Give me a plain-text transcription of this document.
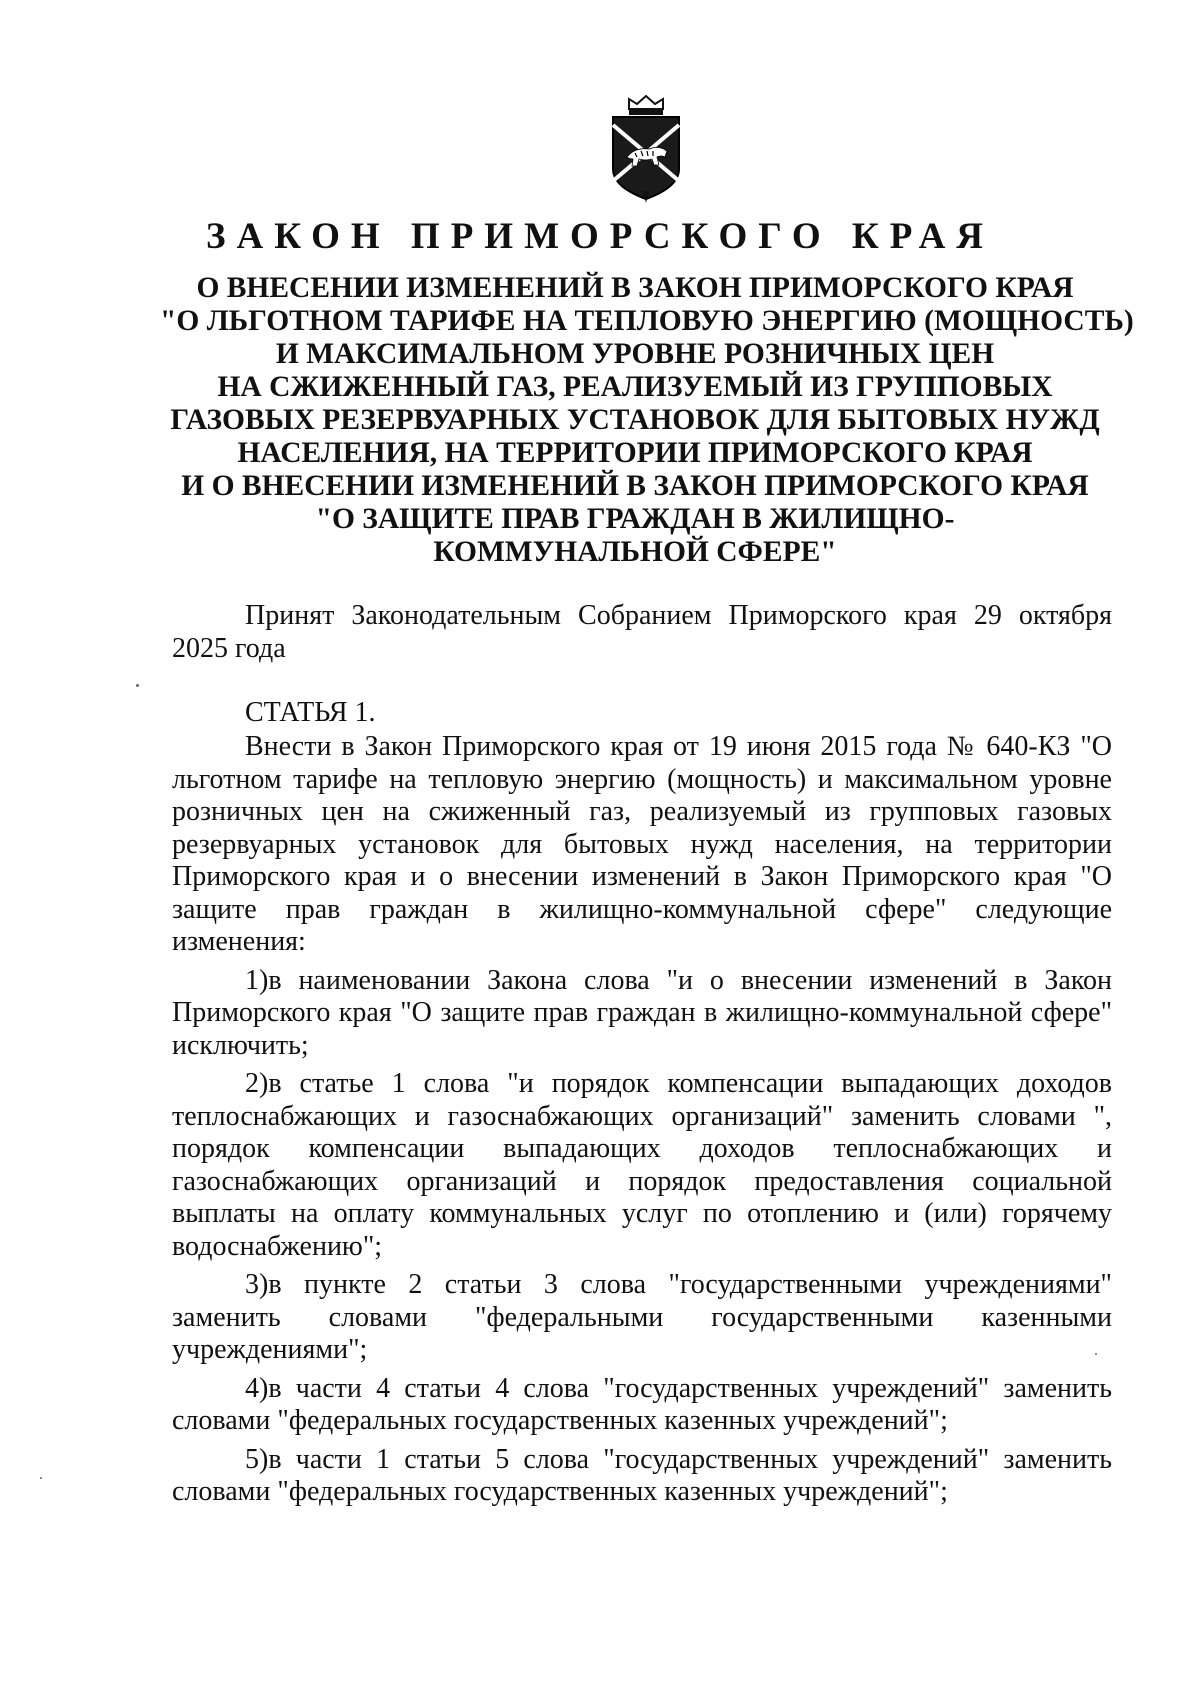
ЗАКОН ПРИМОРСКОГО КРАЯ
О ВНЕСЕНИИ ИЗМЕНЕНИЙ В ЗАКОН ПРИМОРСКОГО КРАЯ
"О ЛЬГОТНОМ ТАРИФЕ НА ТЕПЛОВУЮ ЭНЕРГИЮ (МОЩНОСТЬ)
И МАКСИМАЛЬНОМ УРОВНЕ РОЗНИЧНЫХ ЦЕН
НА СЖИЖЕННЫЙ ГАЗ, РЕАЛИЗУЕМЫЙ ИЗ ГРУППОВЫХ
ГАЗОВЫХ РЕЗЕРВУАРНЫХ УСТАНОВОК ДЛЯ БЫТОВЫХ НУЖД
НАСЕЛЕНИЯ, НА ТЕРРИТОРИИ ПРИМОРСКОГО КРАЯ
И О ВНЕСЕНИИ ИЗМЕНЕНИЙ В ЗАКОН ПРИМОРСКОГО КРАЯ
"О ЗАЩИТЕ ПРАВ ГРАЖДАН В ЖИЛИЩНО-
КОММУНАЛЬНОЙ СФЕРЕ"

Принят Законодательным Собранием Приморского края 29 октября 2025 года

СТАТЬЯ 1.

Внести в Закон Приморского края от 19 июня 2015 года № 640-КЗ "О льготном тарифе на тепловую энергию (мощность) и максимальном уровне розничных цен на сжиженный газ, реализуемый из групповых газовых резервуарных установок для бытовых нужд населения, на территории Приморского края и о внесении изменений в Закон Приморского края "О защите прав граждан в жилищно-коммунальной сфере" следующие изменения:

1)в наименовании Закона слова "и о внесении изменений в Закон Приморского края "О защите прав граждан в жилищно-коммунальной сфере" исключить;

2)в статье 1 слова "и порядок компенсации выпадающих доходов теплоснабжающих и газоснабжающих организаций" заменить словами ", порядок компенсации выпадающих доходов теплоснабжающих и газоснабжающих организаций и порядок предоставления социальной выплаты на оплату коммунальных услуг по отоплению и (или) горячему водоснабжению";

3)в пункте 2 статьи 3 слова "государственными учреждениями" заменить словами "федеральными государственными казенными учреждениями";

4)в части 4 статьи 4 слова "государственных учреждений" заменить словами "федеральных государственных казенных учреждений";

5)в части 1 статьи 5 слова "государственных учреждений" заменить словами "федеральных государственных казенных учреждений";
